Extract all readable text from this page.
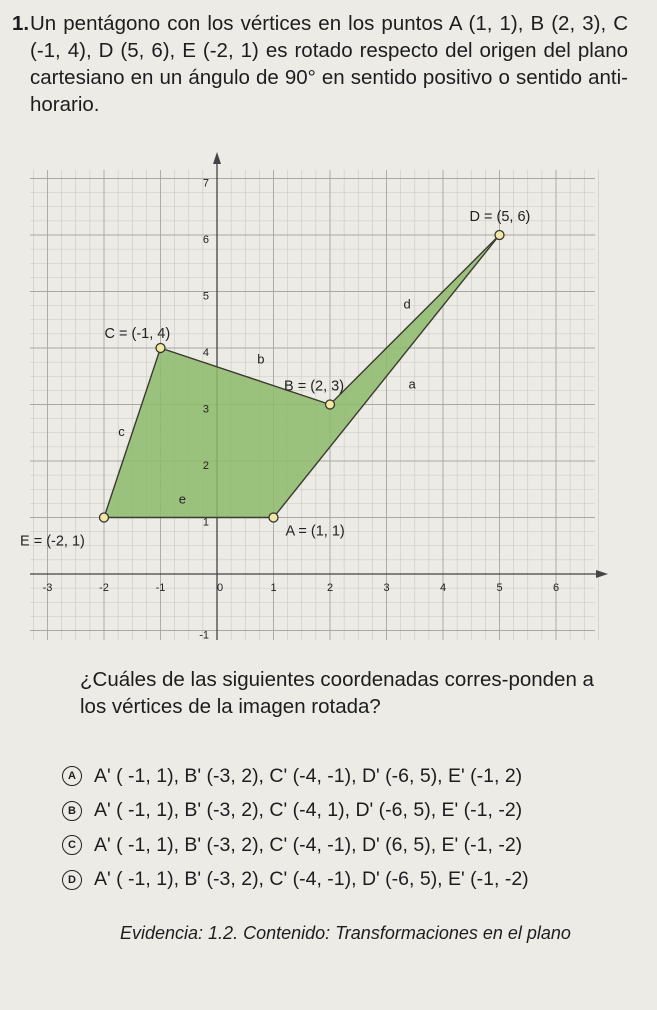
1. Un pentágono con los vértices en los puntos A (1, 1), B (2, 3), C (-1, 4), D (5, 6), E (-2, 1) es rotado respecto del origen del plano cartesiano en un ángulo de 90° en sentido positivo o sentido anti-horario.
-3	-2	-1	0	1	2	3	4	5	6
-1
1
2
3
4
5
6
7
a
b
c
d
e
A = (1, 1)
B = (2, 3)
C = (-1, 4)
E = (-2, 1)
D = (5, 6)
¿Cuáles de las siguientes coordenadas corres-ponden a los vértices de la imagen rotada?
A A' ( -1, 1), B' (-3, 2), C' (-4, -1), D' (-6, 5), E' (-1, 2)
B A' ( -1, 1), B' (-3, 2), C' (-4, 1), D' (-6, 5), E' (-1, -2)
C A' ( -1, 1), B' (-3, 2), C' (-4, -1), D' (6, 5), E' (-1, -2)
D A' ( -1, 1), B' (-3, 2), C' (-4, -1), D' (-6, 5), E' (-1, -2)
Evidencia: 1.2. Contenido: Transformaciones en el plano
